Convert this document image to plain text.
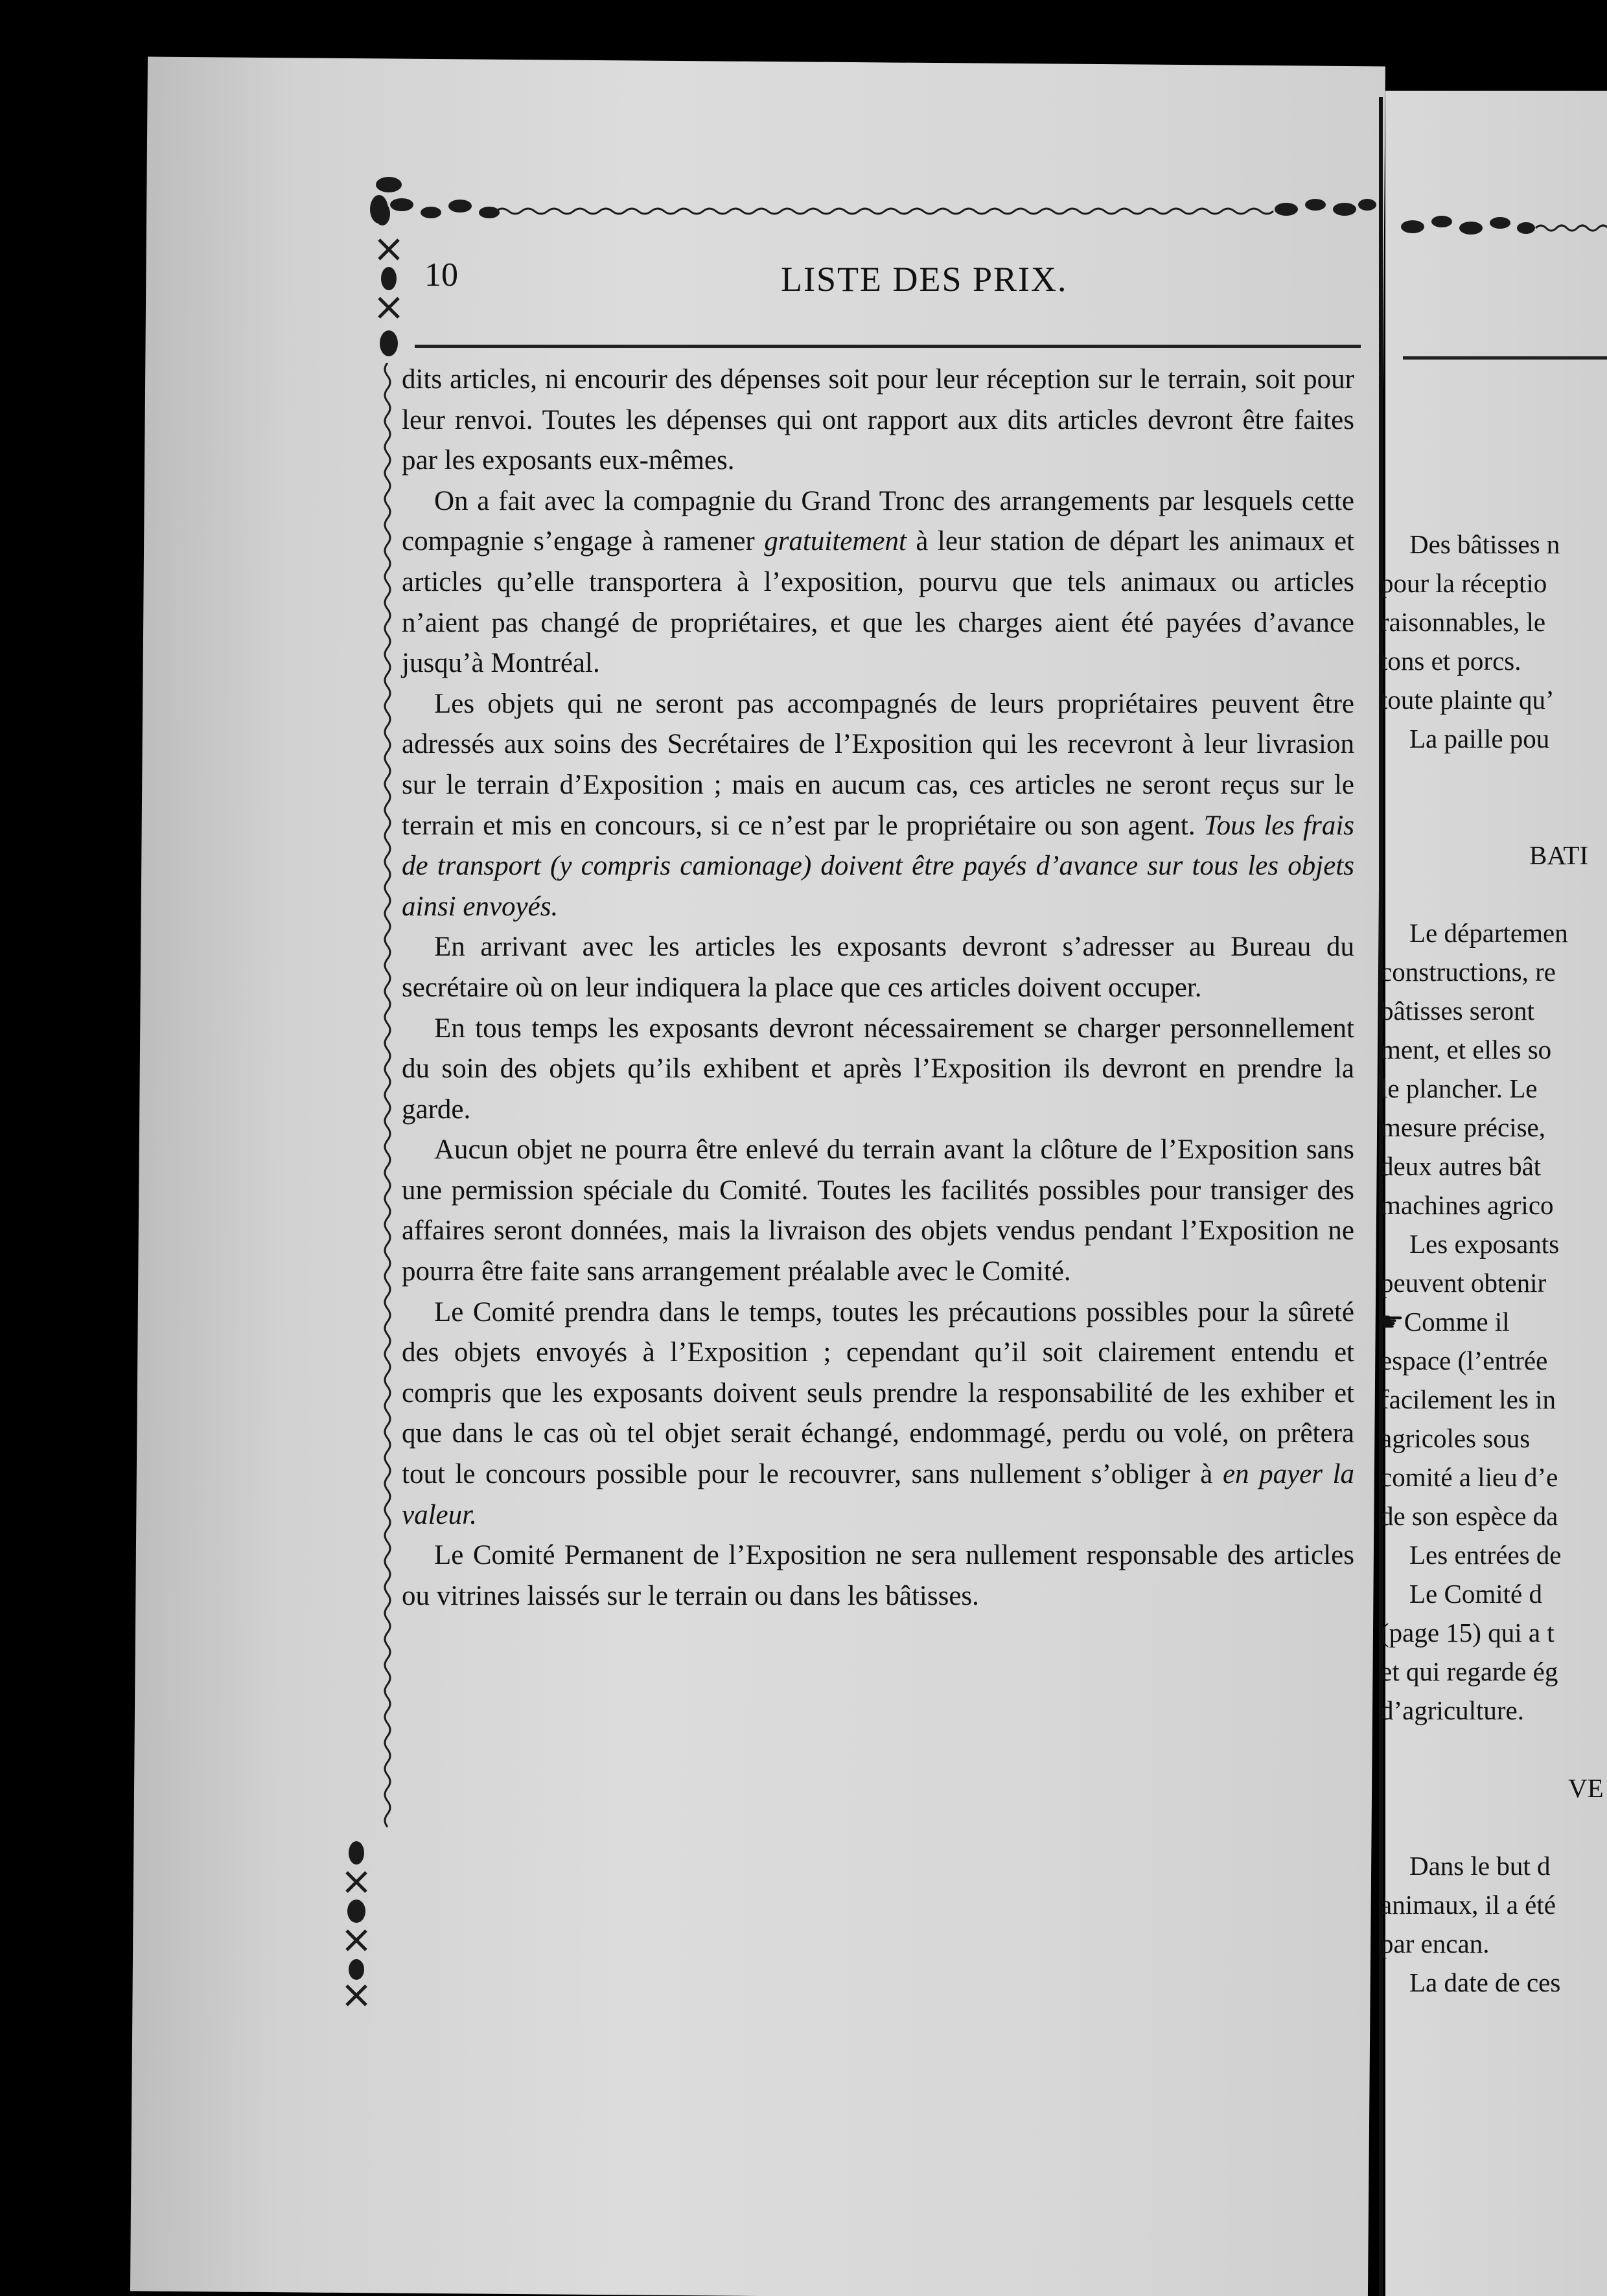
10	LISTE DES PRIX.

dits articles, ni encourir des dépenses soit pour leur réception sur le terrain, soit pour leur renvoi. Toutes les dépenses qui ont rapport aux dits articles devront être faites par les exposants eux-mêmes.

On a fait avec la compagnie du Grand Tronc des arrangements par lesquels cette compagnie s’engage à ramener gratuitement à leur station de départ les animaux et articles qu’elle transportera à l’exposition, pourvu que tels animaux ou articles n’aient pas changé de propriétaires, et que les charges aient été payées d’avance jusqu’à Montréal.

Les objets qui ne seront pas accompagnés de leurs propriétaires peuvent être adressés aux soins des Secrétaires de l’Exposition qui les recevront à leur livrasion sur le terrain d’Exposition ; mais en aucum cas, ces articles ne seront reçus sur le terrain et mis en concours, si ce n’est par le propriétaire ou son agent. Tous les frais de transport (y compris camionage) doivent être payés d’avance sur tous les objets ainsi envoyés.

En arrivant avec les articles les exposants devront s’adresser au Bureau du secrétaire où on leur indiquera la place que ces articles doivent occuper.

En tous temps les exposants devront nécessairement se charger personnellement du soin des objets qu’ils exhibent et après l’Exposition ils devront en prendre la garde.

Aucun objet ne pourra être enlevé du terrain avant la clôture de l’Exposition sans une permission spéciale du Comité. Toutes les facilités possibles pour transiger des affaires seront données, mais la livraison des objets vendus pendant l’Exposition ne pourra être faite sans arrangement préalable avec le Comité.

Le Comité prendra dans le temps, toutes les précautions possibles pour la sûreté des objets envoyés à l’Exposition ; cependant qu’il soit clairement entendu et compris que les exposants doivent seuls prendre la responsabilité de les exhiber et que dans le cas où tel objet serait échangé, endommagé, perdu ou volé, on prêtera tout le concours possible pour le recouvrer, sans nullement s’obliger à en payer la valeur.

Le Comité Permanent de l’Exposition ne sera nullement responsable des articles ou vitrines laissés sur le terrain ou dans les bâtisses.

Des bâtisses n
pour la réceptio
raisonnables, le
tons et porcs.
toute plainte qu’
La paille pou
BATI
Le départemen
constructions, re
bâtisses seront
ment, et elles so
le plancher. Le
mesure précise,
deux autres bât
machines agrico
Les exposants
peuvent obtenir
☛Comme il
espace (l’entrée
facilement les in
agricoles sous
comité a lieu d’e
de son espèce da
Les entrées de
Le Comité d
(page 15) qui a t
et qui regarde ég
d’agriculture.
VE
Dans le but d
animaux, il a été
par encan.
La date de ces
